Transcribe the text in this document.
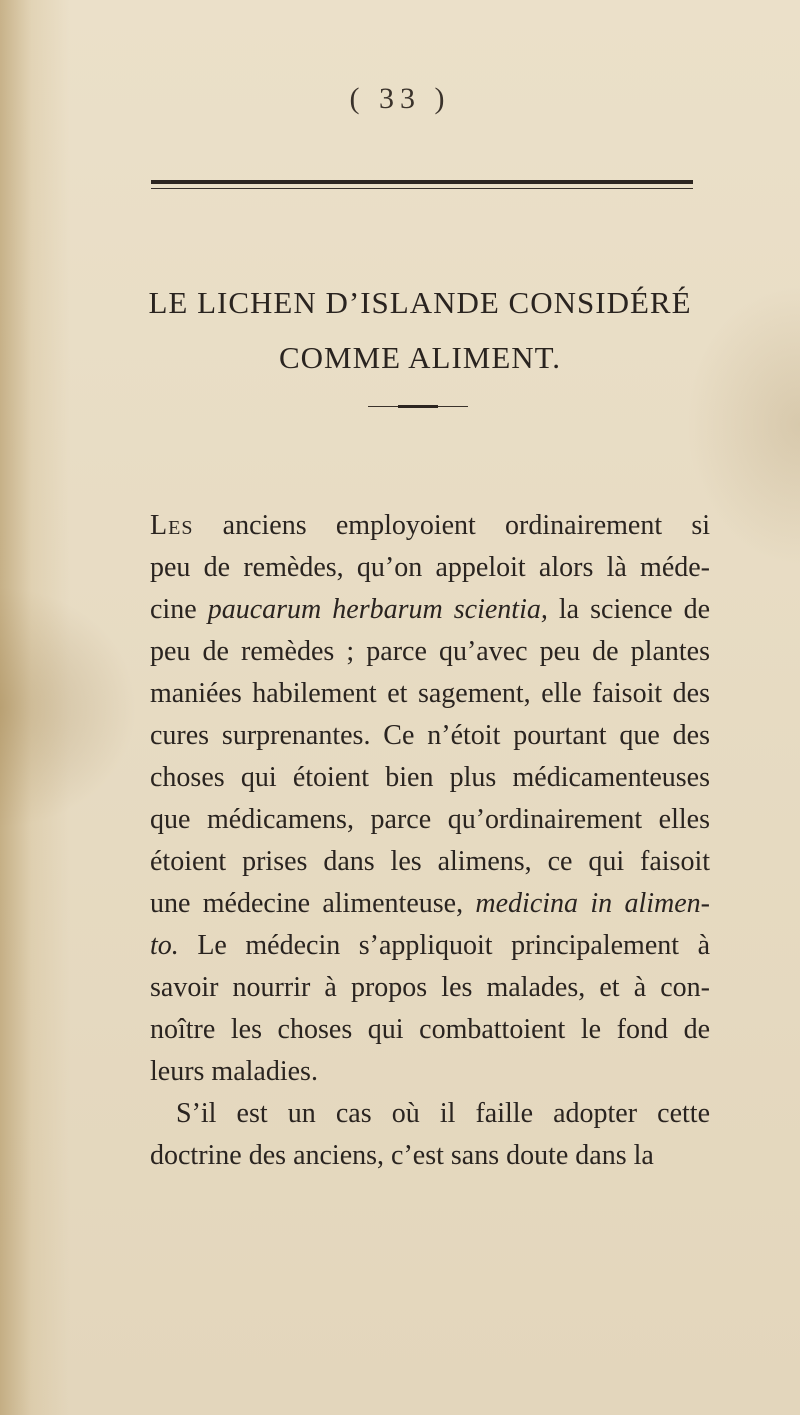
( 33 )
LE LICHEN D’ISLANDE CONSIDÉRÉ
COMME ALIMENT.
Les anciens employoient ordinairement si
peu de remèdes, qu’on appeloit alors là méde-
cine paucarum herbarum scientia, la science de
peu de remèdes ; parce qu’avec peu de plantes
maniées habilement et sagement, elle faisoit des
cures surprenantes. Ce n’étoit pourtant que des
choses qui étoient bien plus médicamenteuses
que médicamens, parce qu’ordinairement elles
étoient prises dans les alimens, ce qui faisoit
une médecine alimenteuse, medicina in alimen-
to. Le médecin s’appliquoit principalement à
savoir nourrir à propos les malades, et à con-
noître les choses qui combattoient le fond de
leurs maladies.
S’il est un cas où il faille adopter cette
doctrine des anciens, c’est sans doute dans la
